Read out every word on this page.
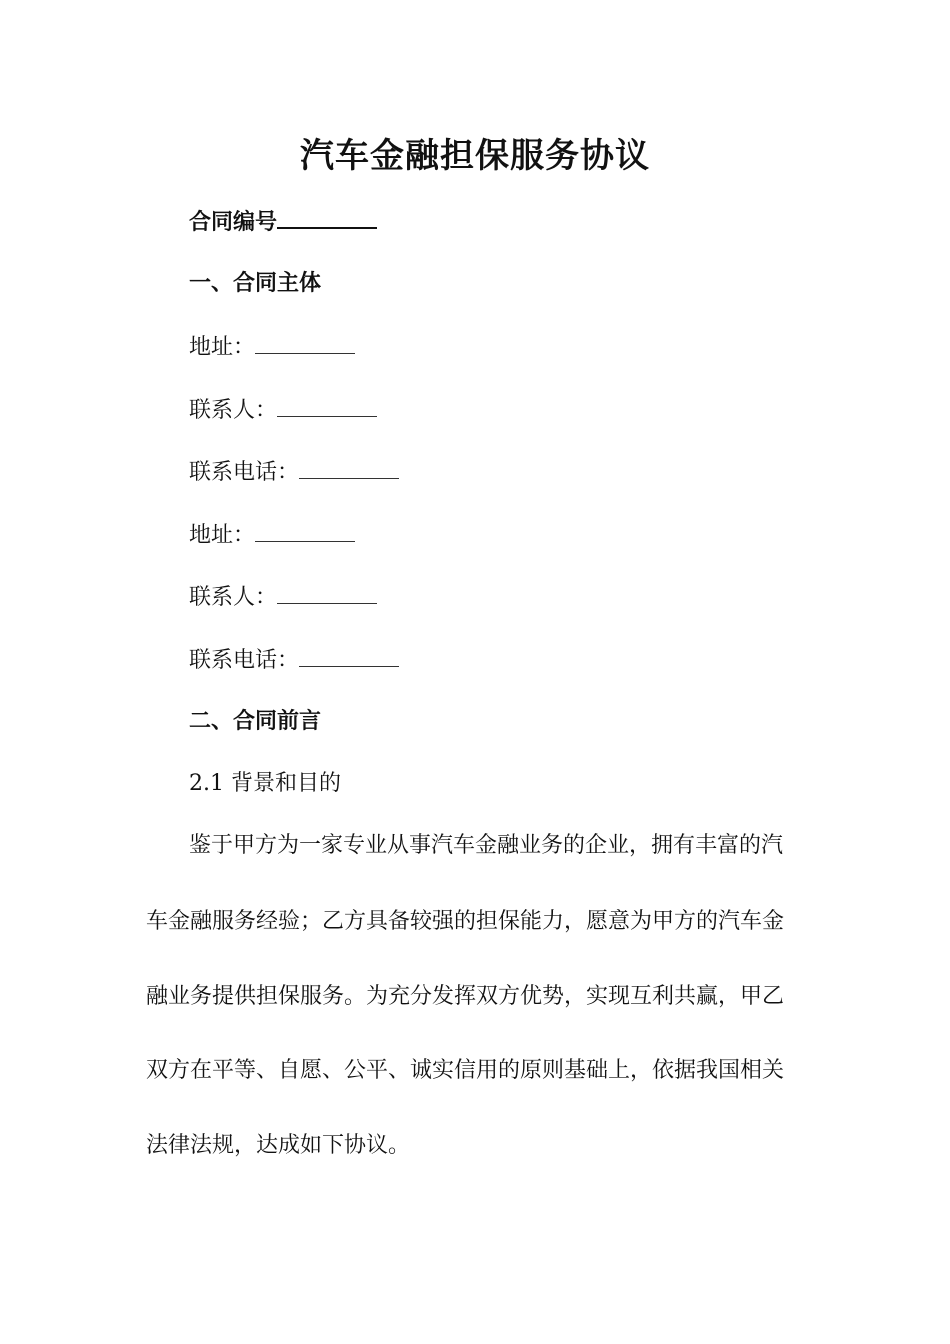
汽车金融担保服务协议
合同编号
一、合同主体
地址：
联系人：
联系电话：
地址：
联系人：
联系电话：
二、合同前言
2.1 背景和目的
鉴于甲方为一家专业从事汽车金融业务的企业，拥有丰富的汽
车金融服务经验；乙方具备较强的担保能力，愿意为甲方的汽车金
融业务提供担保服务。为充分发挥双方优势，实现互利共赢，甲乙
双方在平等、自愿、公平、诚实信用的原则基础上，依据我国相关
法律法规，达成如下协议。
